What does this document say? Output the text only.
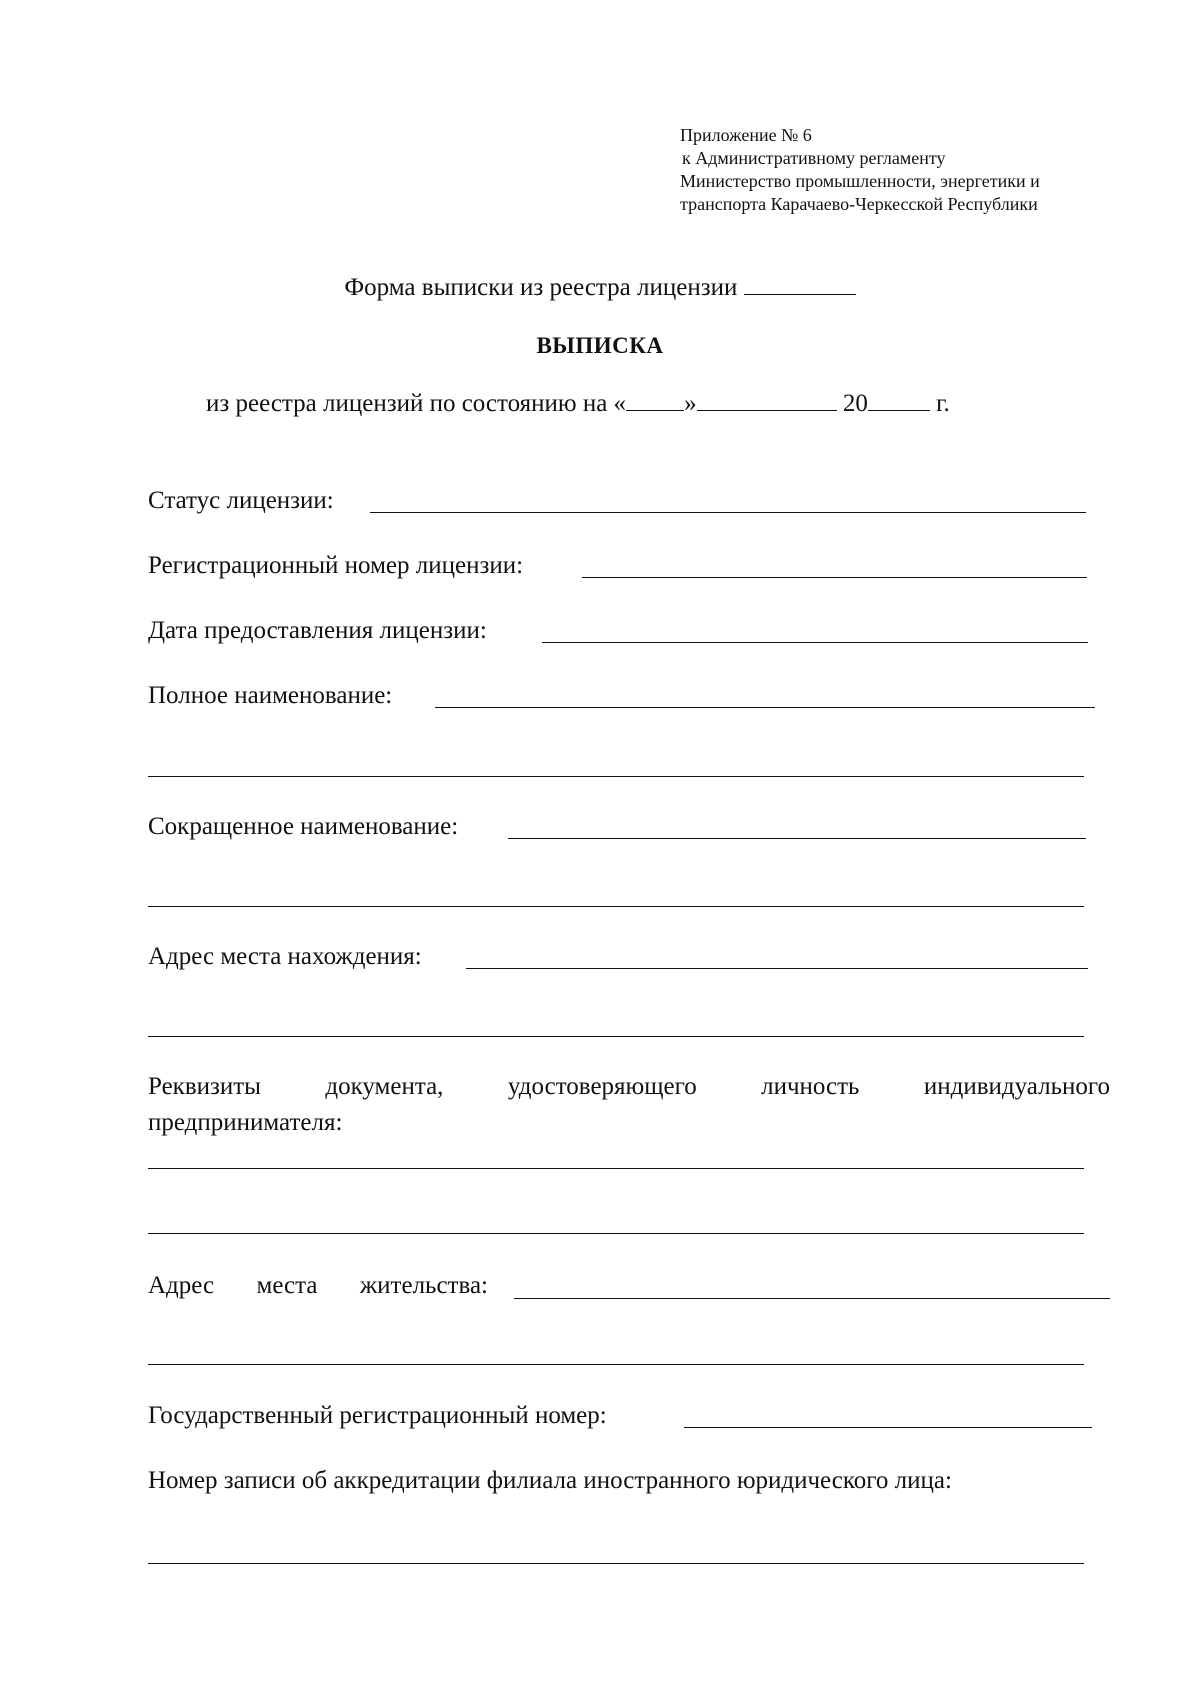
Приложение № 6
к Административному регламенту
Министерство промышленности, энергетики и
транспорта Карачаево-Черкесской Республики
Форма выписки из реестра лицензии
ВЫПИСКА
из реестра лицензий по состоянию на « »	20	г.
Статус лицензии:
Регистрационный номер лицензии:
Дата предоставления лицензии:
Полное наименование:
Сокращенное наименование:
Адрес места нахождения:
Реквизиты	документа,	удостоверяющего	личность	индивидуального
предпринимателя:
Адрес места жительства:
Государственный регистрационный номер:
Номер записи об аккредитации филиала иностранного юридического лица:
